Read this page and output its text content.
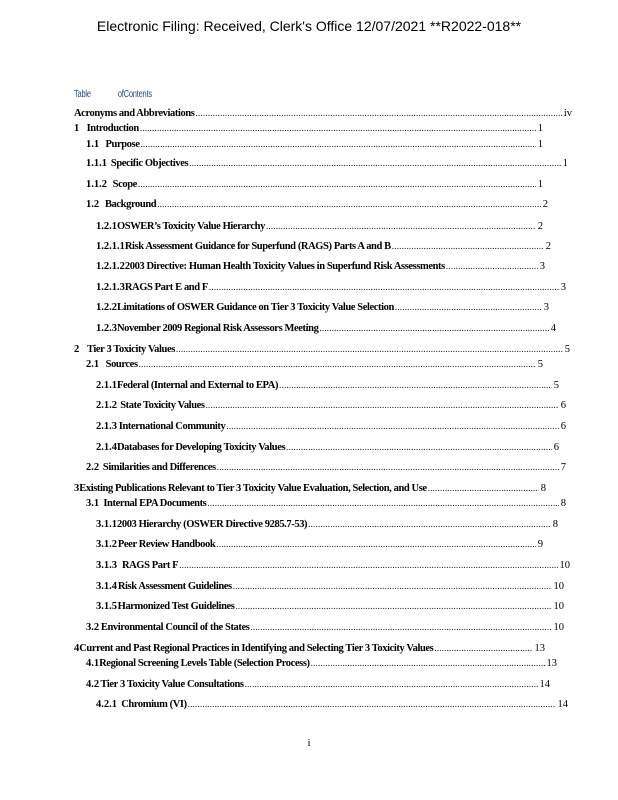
Electronic Filing: Received, Clerk's Office 12/07/2021 **R2022-018**
Table	ofContents
Acronyms and Abbreviations .....	iv
1 Introduction .....	1
1.1 Purpose .....	1
1.1.1 Specific Objectives .....	1
1.1.2 Scope .....	1
1.2 Background .....	2
1.2.1 OSWER’s Toxicity Value Hierarchy .....	2
1.2.1.1 Risk Assessment Guidance for Superfund (RAGS) Parts A and B .....	2
1.2.1.2 2003 Directive: Human Health Toxicity Values in Superfund Risk Assessments .....	3
1.2.1.3 RAGS Part E and F .....	3
1.2.2 Limitations of OSWER Guidance on Tier 3 Toxicity Value Selection .....	3
1.2.3 November 2009 Regional Risk Assessors Meeting .....	4
2 Tier 3 Toxicity Values .....	5
2.1 Sources .....	5
2.1.1 Federal (Internal and External to EPA) .....	5
2.1.2 State Toxicity Values .....	6
2.1.3 International Community .....	6
2.1.4 Databases for Developing Toxicity Values .....	6
2.2 Similarities and Differences .....	7
3 Existing Publications Relevant to Tier 3 Toxicity Value Evaluation, Selection, and Use .....	8
3.1 Internal EPA Documents .....	8
3.1.1 2003 Hierarchy (OSWER Directive 9285.7-53) .....	8
3.1.2 Peer Review Handbook .....	9
3.1.3 RAGS Part F .....	10
3.1.4 Risk Assessment Guidelines .....	10
3.1.5 Harmonized Test Guidelines .....	10
3.2 Environmental Council of the States .....	10
4 Current and Past Regional Practices in Identifying and Selecting Tier 3 Toxicity Values .....	13
4.1 Regional Screening Levels Table (Selection Process) .....	13
4.2 Tier 3 Toxicity Value Consultations .....	14
4.2.1 Chromium (VI) .....	14
i
